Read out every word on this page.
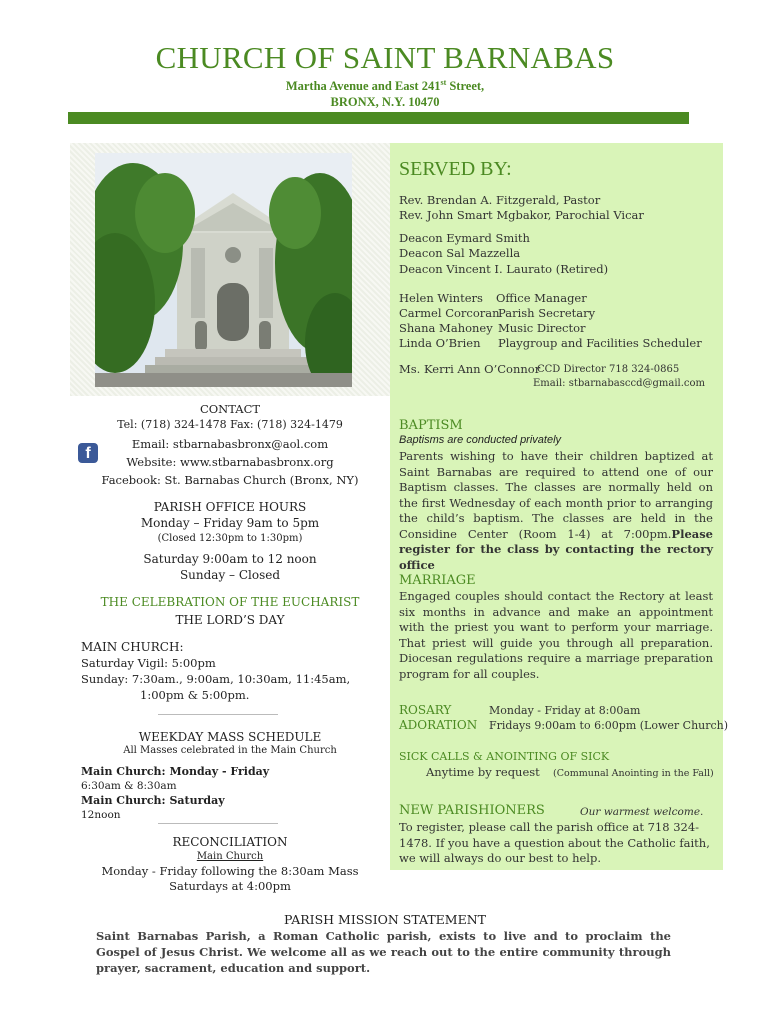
CHURCH OF SAINT BARNABAS
Martha Avenue and East 241st Street,
BRONX, N.Y. 10470
CONTACT
Tel: (718) 324-1478 Fax: (718) 324-1479
f
Email: stbarnabasbronx@aol.com
Website: www.stbarnabasbronx.org
Facebook: St. Barnabas Church (Bronx, NY)
PARISH OFFICE HOURS
Monday – Friday 9am to 5pm
(Closed 12:30pm to 1:30pm)
Saturday 9:00am to 12 noon
Sunday – Closed
THE CELEBRATION OF THE EUCHARIST
THE LORD’S DAY
MAIN CHURCH:
Saturday Vigil: 5:00pm
Sunday: 7:30am., 9:00am, 10:30am, 11:45am,
1:00pm & 5:00pm.
WEEKDAY MASS SCHEDULE
All Masses celebrated in the Main Church
Main Church: Monday - Friday
6:30am & 8:30am
Main Church: Saturday
12noon
RECONCILIATION
Main Church
Monday - Friday following the 8:30am Mass
Saturdays at 4:00pm
SERVED BY:
Rev. Brendan A. Fitzgerald, Pastor
Rev. John Smart Mgbakor, Parochial Vicar
Deacon Eymard Smith
Deacon Sal Mazzella
Deacon Vincent I. Laurato (Retired)
Helen Winters Office Manager
Carmel Corcoran
Parish Secretary
Shana Mahoney Music Director
Linda O’Brien Playgroup and Facilities Scheduler
Ms. Kerri Ann O’Connor
CCD Director 718 324-0865
Email: stbarnabasccd@gmail.com
BAPTISM
Baptisms are conducted privately
Parents wishing to have their children baptized at Saint Barnabas are required to attend one of our Baptism classes. The classes are normally held on the first Wednesday of each month prior to arranging the child’s baptism. The classes are held in the Considine Center (Room 1-4) at 7:00pm.Please register for the class by contacting the rectory office
MARRIAGE
Engaged couples should contact the Rectory at least six months in advance and make an appointment with the priest you want to perform your marriage. That priest will guide you through all preparation. Diocesan regulations require a marriage preparation program for all couples.
ROSARY	Monday - Friday at 8:00am
ADORATION Fridays 9:00am to 6:00pm (Lower Church)
SICK CALLS & ANOINTING OF SICK
Anytime by request (Communal Anointing in the Fall)
NEW PARISHIONERS	Our warmest welcome.
To register, please call the parish office at 718 324-1478. If you have a question about the Catholic faith, we will always do our best to help.
PARISH MISSION STATEMENT
Saint Barnabas Parish, a Roman Catholic parish, exists to live and to proclaim the Gospel of Jesus Christ. We welcome all as we reach out to the entire community through prayer, sacrament, education and support.
